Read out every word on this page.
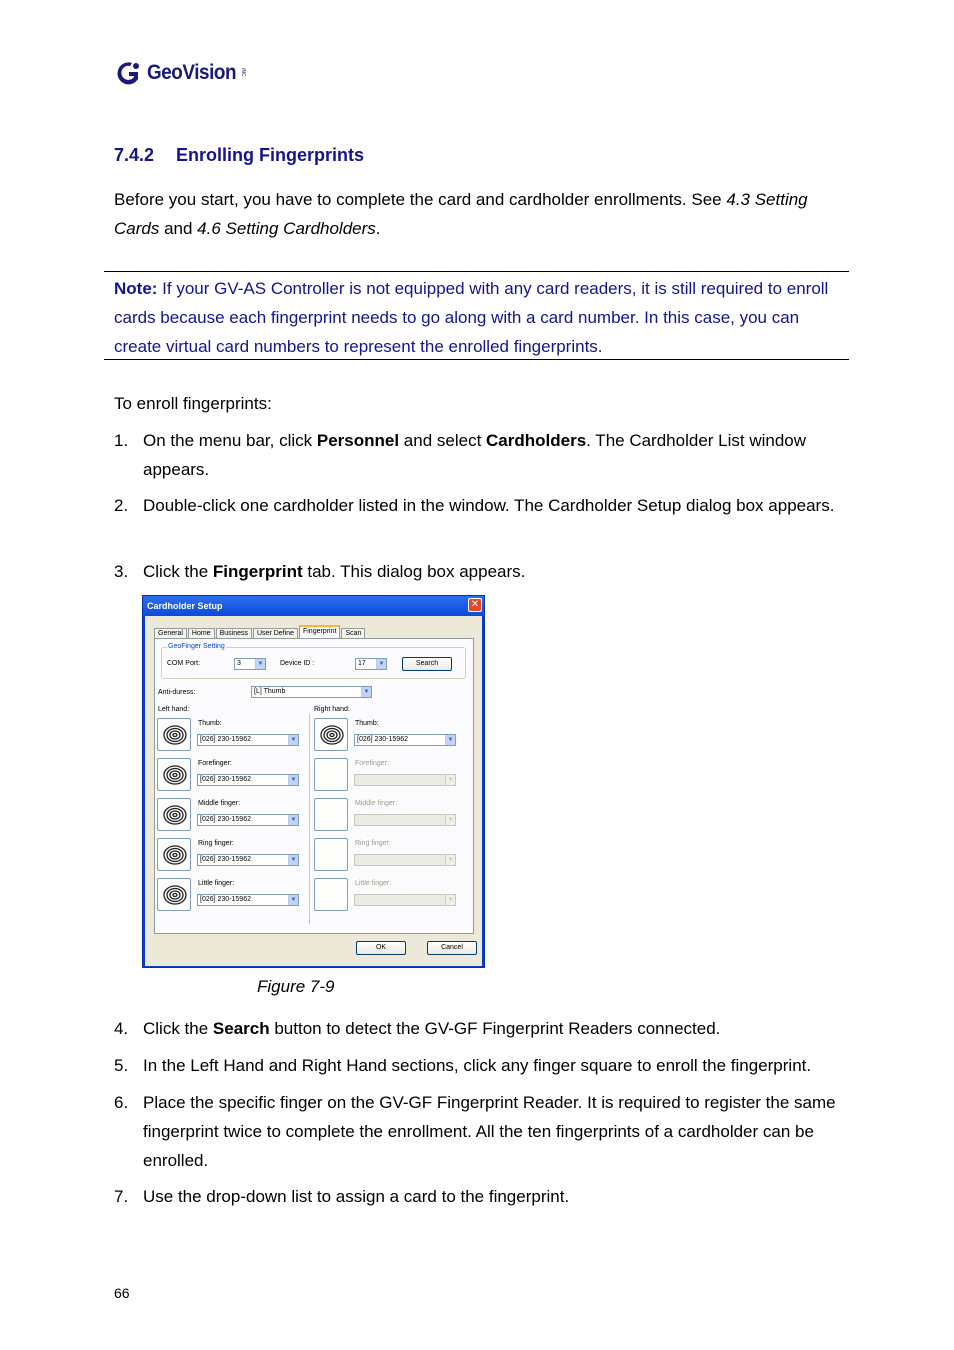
GeoVision INC.
7.4.2 Enrolling Fingerprints
Before you start, you have to complete the card and cardholder enrollments. See 4.3 Setting Cards and 4.6 Setting Cardholders.
Note: If your GV-AS Controller is not equipped with any card readers, it is still required to enroll cards because each fingerprint needs to go along with a card number. In this case, you can create virtual card numbers to represent the enrolled fingerprints.
To enroll fingerprints:
1. On the menu bar, click Personnel and select Cardholders. The Cardholder List window appears.
2. Double-click one cardholder listed in the window. The Cardholder Setup dialog box appears.
3. Click the Fingerprint tab. This dialog box appears.
Cardholder Setup	✕
General	Home	Business	User Define	Fingerprint	Scan
GeoFinger Setting
COM Port:	3	▼ Device ID :	17	▼	Search
Anti-duress:	[L] Thumb	▼
Left hand:	Right hand:
Thumb:
[026] 230-15962	▼
Forefinger:
[026] 230-15962	▼
Middle finger:
[026] 230-15962	▼
Ring finger:
[026] 230-15962	▼
Little finger:
[026] 230-15962	▼
Thumb:
[026] 230-15962	▼
Forefinger:
▼
Middle finger:
▼
Ring finger:
▼
Little finger:
▼
OK	Cancel
Figure 7-9
4. Click the Search button to detect the GV-GF Fingerprint Readers connected.
5. In the Left Hand and Right Hand sections, click any finger square to enroll the fingerprint.
6. Place the specific finger on the GV-GF Fingerprint Reader. It is required to register the same fingerprint twice to complete the enrollment. All the ten fingerprints of a cardholder can be enrolled.
7. Use the drop-down list to assign a card to the fingerprint.
66
